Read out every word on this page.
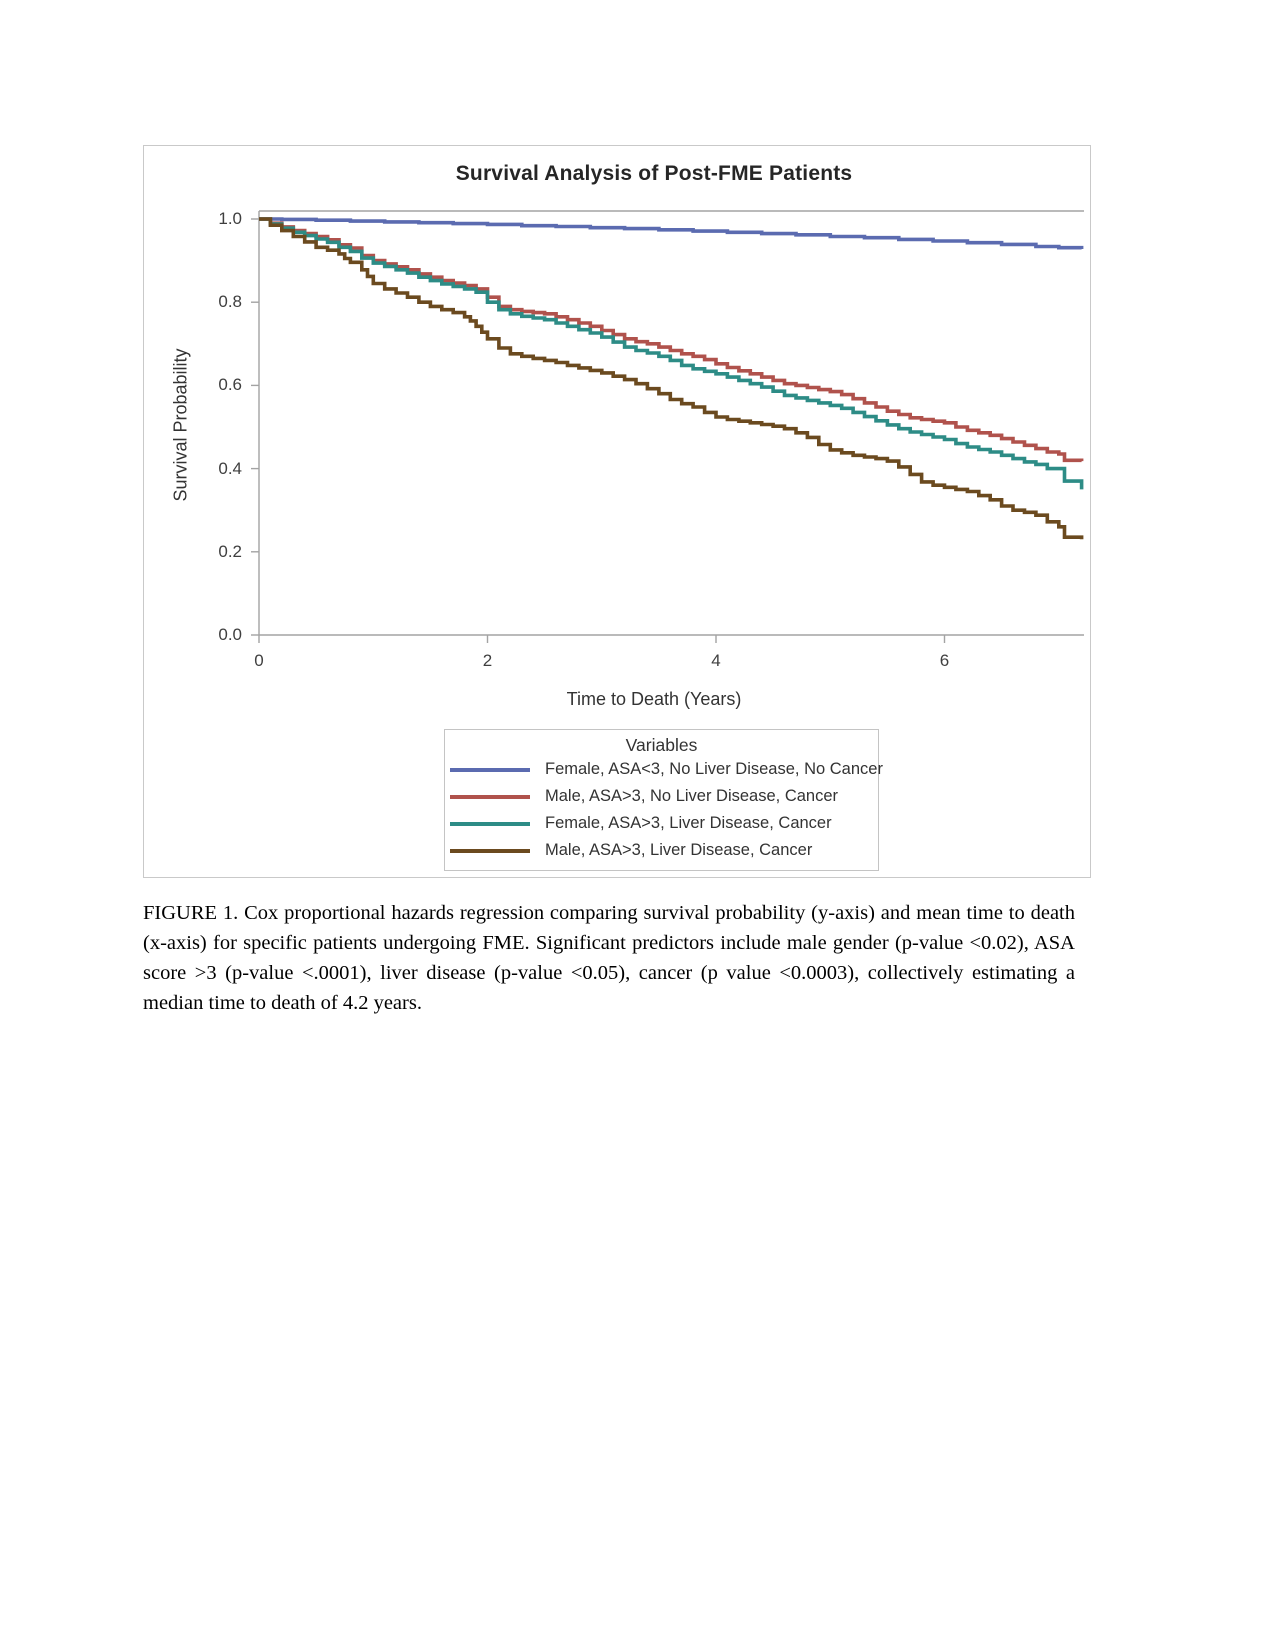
Survival Analysis of Post-FME Patients
Survival Probability
Time to Death (Years)
Variables
Female, ASA<3, No Liver Disease, No Cancer
Male, ASA>3, No Liver Disease, Cancer
Female, ASA>3, Liver Disease, Cancer
Male, ASA>3, Liver Disease, Cancer
1.0
0.8
0.6
0.4
0.2
0.0
0	2	4	6

FIGURE 1. Cox proportional hazards regression comparing survival probability (y-axis) and mean time to death (x-axis) for specific patients undergoing FME. Significant predictors include male gender (p-value <0.02), ASA score >3 (p-value <.0001), liver disease (p-value <0.05), cancer (p value <0.0003), collectively estimating a median time to death of 4.2 years.
